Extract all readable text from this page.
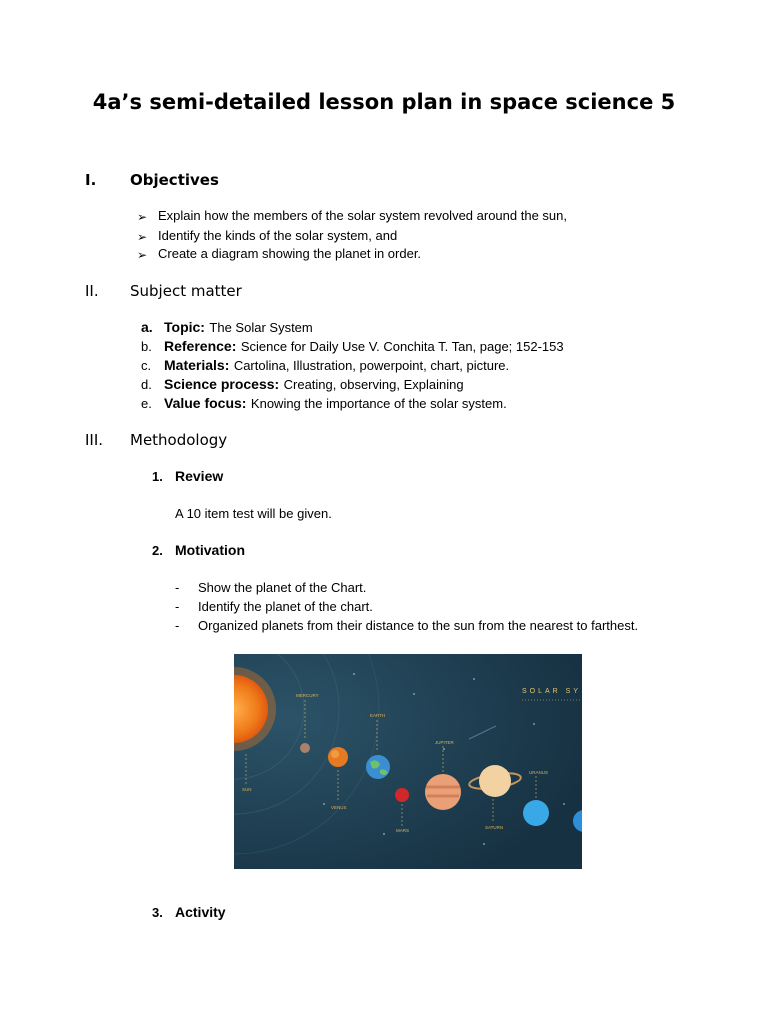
4a’s semi-detailed lesson plan in space science 5
I. Objectives
➢ Explain how the members of the solar system revolved around the sun,
➢ Identify the kinds of the solar system, and
➢ Create a diagram showing the planet in order.
II. Subject matter
a. Topic: The Solar System
b. Reference: Science for Daily Use V. Conchita T. Tan, page; 152-153
c. Materials: Cartolina, Illustration, powerpoint, chart, picture.
d. Science process: Creating, observing, Explaining
e. Value focus: Knowing the importance of the solar system.
III. Methodology
1. Review
A 10 item test will be given.
2. Motivation
- Show the planet of the Chart.
- Identify the planet of the chart.
- Organized planets from their distance to the sun from the nearest to farthest.
MERCURY
EARTH
JUPITER
URANUS
SUN
VENUS
MARS
SATURN
SOLAR SY
3. Activity
